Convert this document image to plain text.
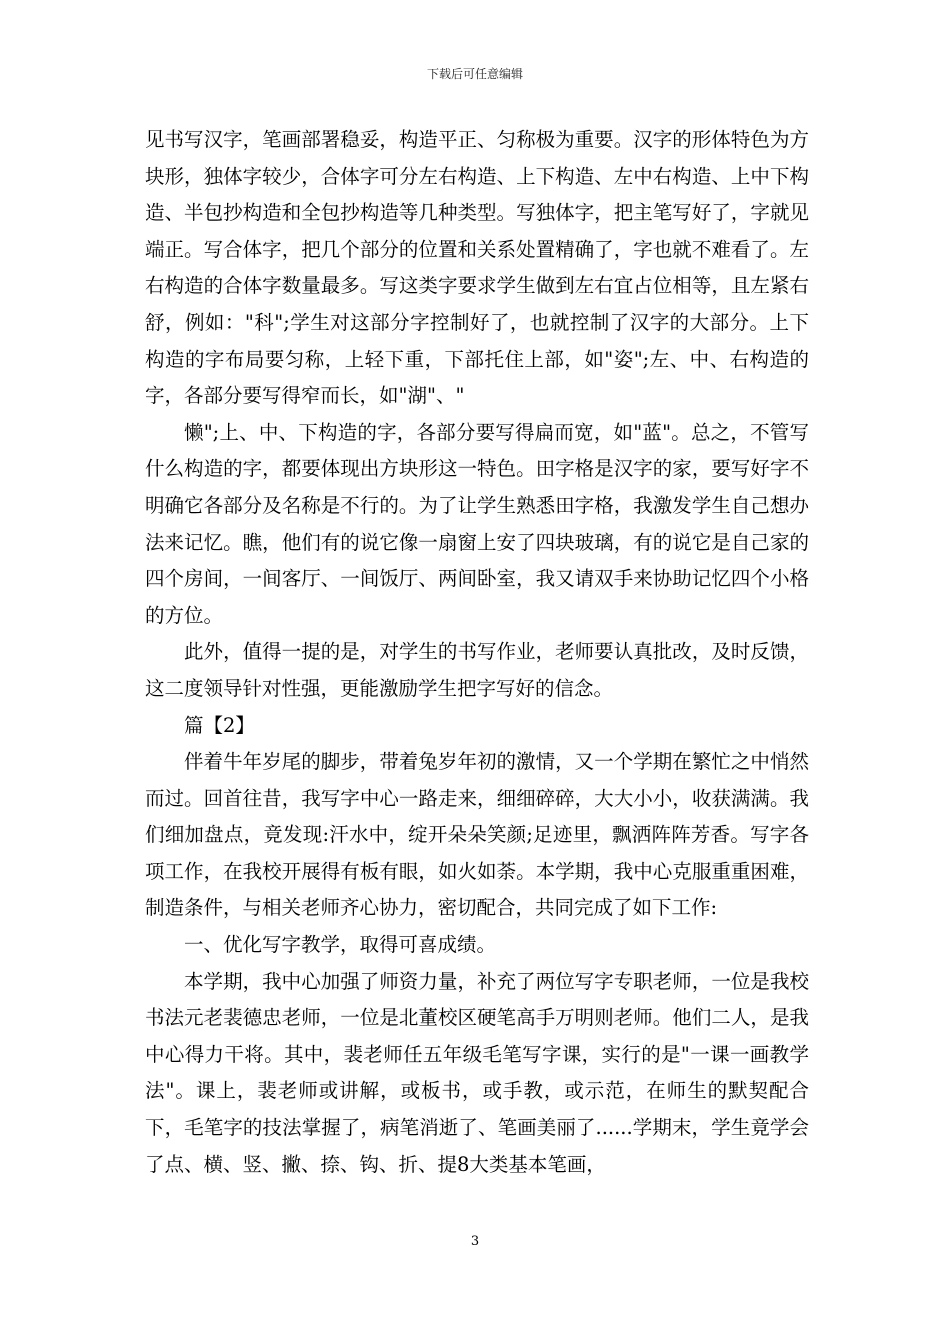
下载后可任意编辑

见书写汉字，笔画部署稳妥，构造平正、匀称极为重要。汉字的形体特色为方块形，独体字较少，合体字可分左右构造、上下构造、左中右构造、上中下构造、半包抄构造和全包抄构造等几种类型。写独体字，把主笔写好了，字就见端正。写合体字，把几个部分的位置和关系处置精确了，字也就不难看了。左右构造的合体字数量最多。写这类字要求学生做到左右宜占位相等，且左紧右舒，例如："科";学生对这部分字控制好了，也就控制了汉字的大部分。上下构造的字布局要匀称，上轻下重，下部托住上部，如"姿";左、中、右构造的字，各部分要写得窄而长，如"湖"、"

懒";上、中、下构造的字，各部分要写得扁而宽，如"蓝"。总之，不管写什么构造的字，都要体现出方块形这一特色。田字格是汉字的家，要写好字不明确它各部分及名称是不行的。为了让学生熟悉田字格，我激发学生自己想办法来记忆。瞧，他们有的说它像一扇窗上安了四块玻璃，有的说它是自己家的四个房间，一间客厅、一间饭厅、两间卧室，我又请双手来协助记忆四个小格的方位。

此外，值得一提的是，对学生的书写作业，老师要认真批改，及时反馈，这二度领导针对性强，更能激励学生把字写好的信念。

篇【2】

伴着牛年岁尾的脚步，带着兔岁年初的激情，又一个学期在繁忙之中悄然而过。回首往昔，我写字中心一路走来，细细碎碎，大大小小，收获满满。我们细加盘点，竟发现:汗水中，绽开朵朵笑颜;足迹里，飘洒阵阵芳香。写字各项工作，在我校开展得有板有眼，如火如荼。本学期，我中心克服重重困难，制造条件，与相关老师齐心协力，密切配合，共同完成了如下工作:

一、优化写字教学，取得可喜成绩。

本学期，我中心加强了师资力量，补充了两位写字专职老师，一位是我校书法元老裴德忠老师，一位是北董校区硬笔高手万明则老师。他们二人，是我中心得力干将。其中，裴老师任五年级毛笔写字课，实行的是"一课一画教学法"。课上，裴老师或讲解，或板书，或手教，或示范，在师生的默契配合下，毛笔字的技法掌握了，病笔消逝了、笔画美丽了......学期末，学生竟学会了点、横、竖、撇、捺、钩、折、提8大类基本笔画，

3
